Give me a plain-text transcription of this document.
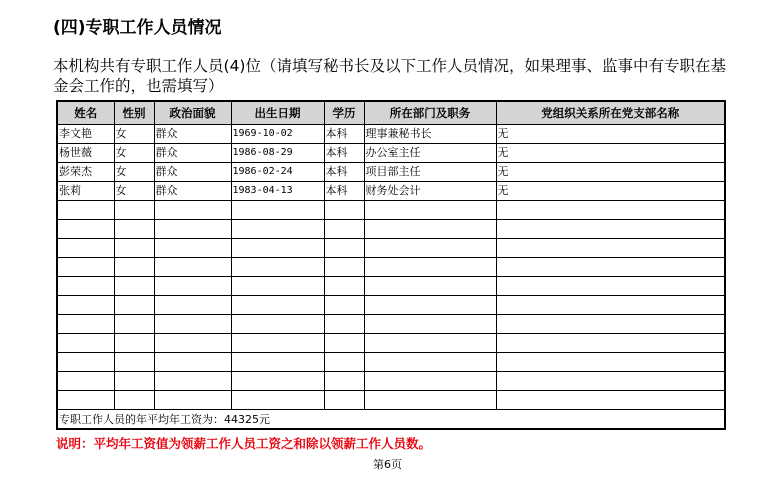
(四)专职工作人员情况
本机构共有专职工作人员(4)位（请填写秘书长及以下工作人员情况，如果理事、监事中有专职在基金会工作的，也需填写）
姓名	性别	政治面貌	出生日期	学历	所在部门及职务	党组织关系所在党支部名称
李文艳	女	群众	1969-10-02	本科	理事兼秘书长	无
杨世薇	女	群众	1986-08-29	本科	办公室主任	无
彭荣杰	女	群众	1986-02-24	本科	项目部主任	无
张莉	女	群众	1983-04-13	本科	财务处会计	无

专职工作人员的年平均年工资为：44325元						
说明：平均年工资值为领薪工作人员工资之和除以领薪工作人员数。
第6页
